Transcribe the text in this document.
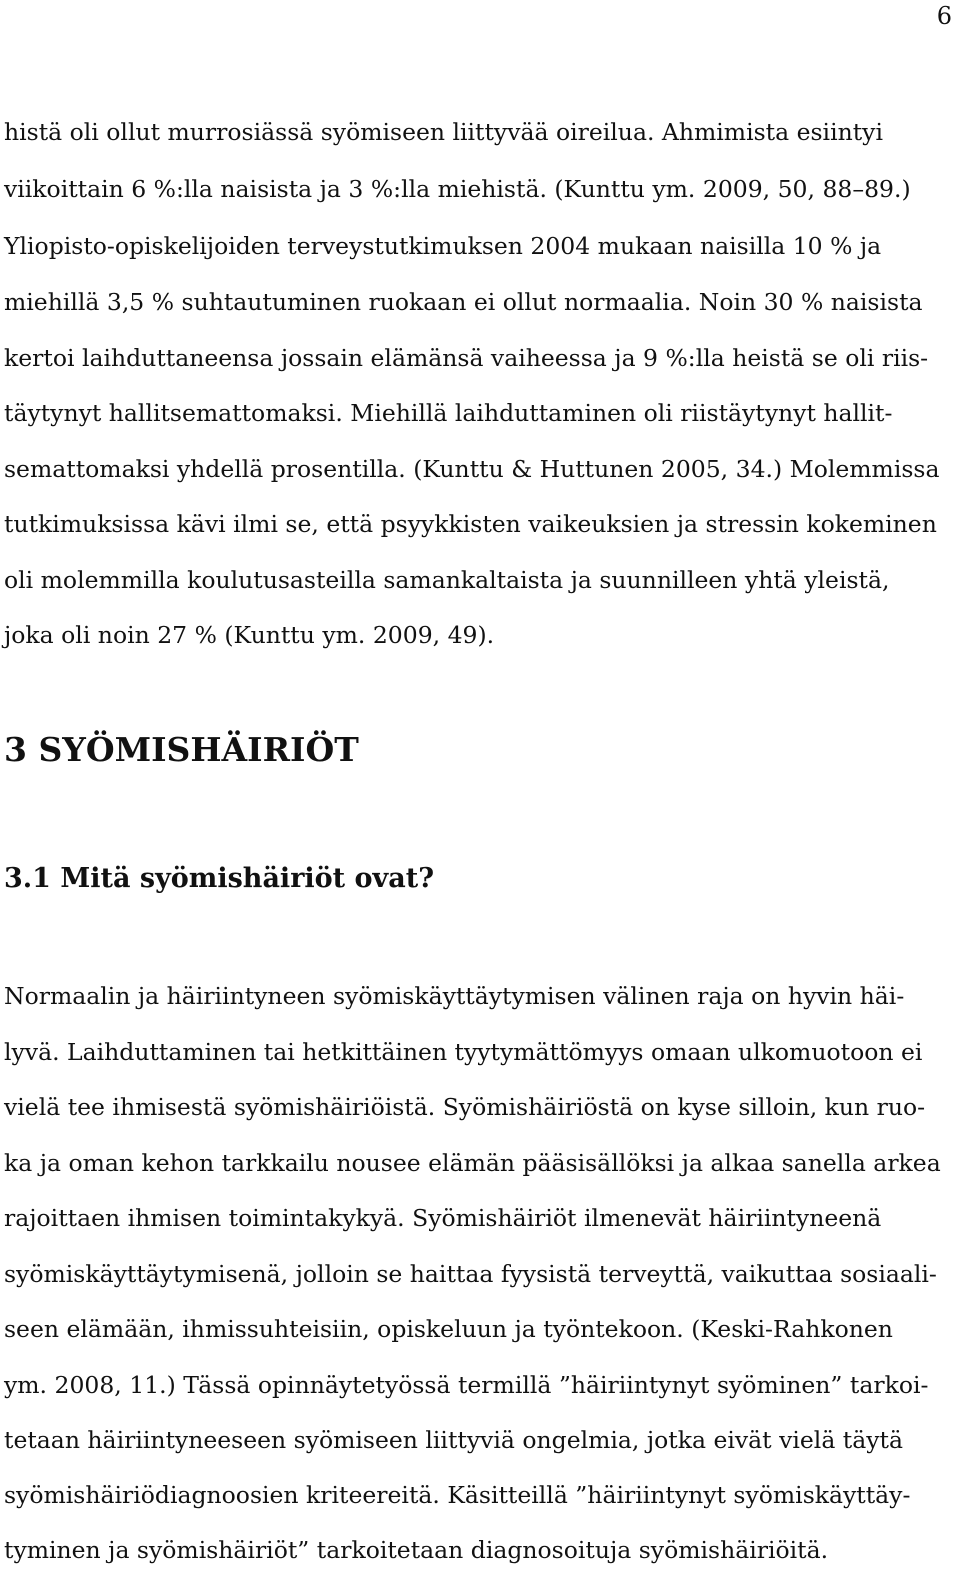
6

histä oli ollut murrosiässä syömiseen liittyvää oireilua. Ahmimista esiintyi

viikoittain 6 %:lla naisista ja 3 %:lla miehistä. (Kunttu ym. 2009, 50, 88–89.)

Yliopisto-opiskelijoiden terveystutkimuksen 2004 mukaan naisilla 10 % ja

miehillä 3,5 % suhtautuminen ruokaan ei ollut normaalia. Noin 30 % naisista

kertoi laihduttaneensa jossain elämänsä vaiheessa ja 9 %:lla heistä se oli riis-

täytynyt hallitsemattomaksi. Miehillä laihduttaminen oli riistäytynyt hallit-

semattomaksi yhdellä prosentilla. (Kunttu & Huttunen 2005, 34.) Molemmissa

tutkimuksissa kävi ilmi se, että psyykkisten vaikeuksien ja stressin kokeminen

oli molemmilla koulutusasteilla samankaltaista ja suunnilleen yhtä yleistä,

joka oli noin 27 % (Kunttu ym. 2009, 49).

3 SYÖMISHÄIRIÖT
3.1 Mitä syömishäiriöt ovat?

Normaalin ja häiriintyneen syömiskäyttäytymisen välinen raja on hyvin häi-

lyvä. Laihduttaminen tai hetkittäinen tyytymättömyys omaan ulkomuotoon ei

vielä tee ihmisestä syömishäiriöistä. Syömishäiriöstä on kyse silloin, kun ruo-

ka ja oman kehon tarkkailu nousee elämän pääsisällöksi ja alkaa sanella arkea

rajoittaen ihmisen toimintakykyä. Syömishäiriöt ilmenevät häiriintyneenä

syömiskäyttäytymisenä, jolloin se haittaa fyysistä terveyttä, vaikuttaa sosiaali-

seen elämään, ihmissuhteisiin, opiskeluun ja työntekoon. (Keski-Rahkonen

ym. 2008, 11.) Tässä opinnäytetyössä termillä ”häiriintynyt syöminen” tarkoi-

tetaan häiriintyneeseen syömiseen liittyviä ongelmia, jotka eivät vielä täytä

syömishäiriödiagnoosien kriteereitä. Käsitteillä ”häiriintynyt syömiskäyttäy-

tyminen ja syömishäiriöt” tarkoitetaan diagnosoituja syömishäiriöitä.
